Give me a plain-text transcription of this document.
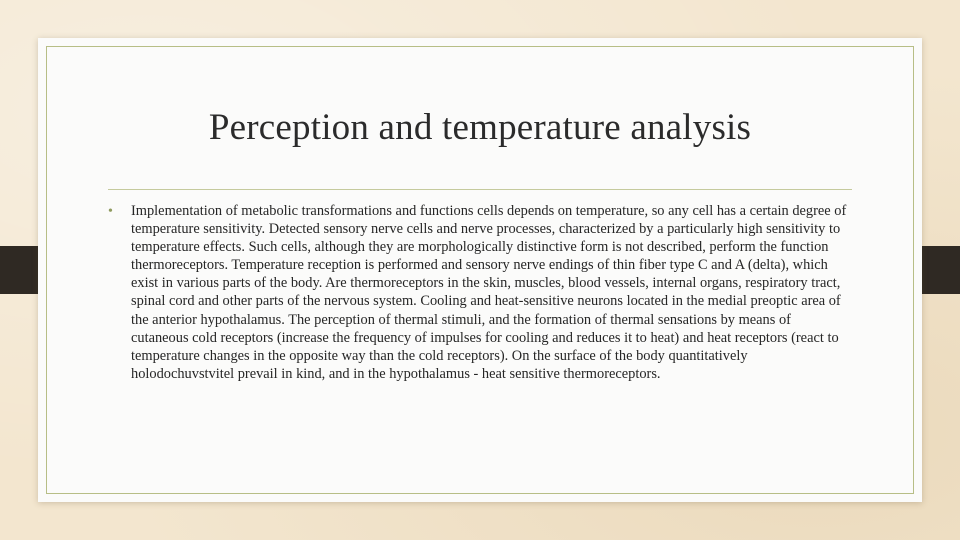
Perception and temperature analysis
•	Implementation of metabolic transformations and functions cells depends on temperature, so any cell has a certain degree of temperature sensitivity. Detected sensory nerve cells and nerve processes, characterized by a particularly high sensitivity to temperature effects. Such cells, although they are morphologically distinctive form is not described, perform the function thermoreceptors. Temperature reception is performed and sensory nerve endings of thin fiber type C and A (delta), which exist in various parts of the body. Are thermoreceptors in the skin, muscles, blood vessels, internal organs, respiratory tract, spinal cord and other parts of the nervous system. Cooling and heat-sensitive neurons located in the medial preoptic area of the anterior hypothalamus. The perception of thermal stimuli, and the formation of thermal sensations by means of cutaneous cold receptors (increase the frequency of impulses for cooling and reduces it to heat) and heat receptors (react to temperature changes in the opposite way than the cold receptors). On the surface of the body quantitatively holodochuvstvitel prevail in kind, and in the hypothalamus - heat sensitive thermoreceptors.
